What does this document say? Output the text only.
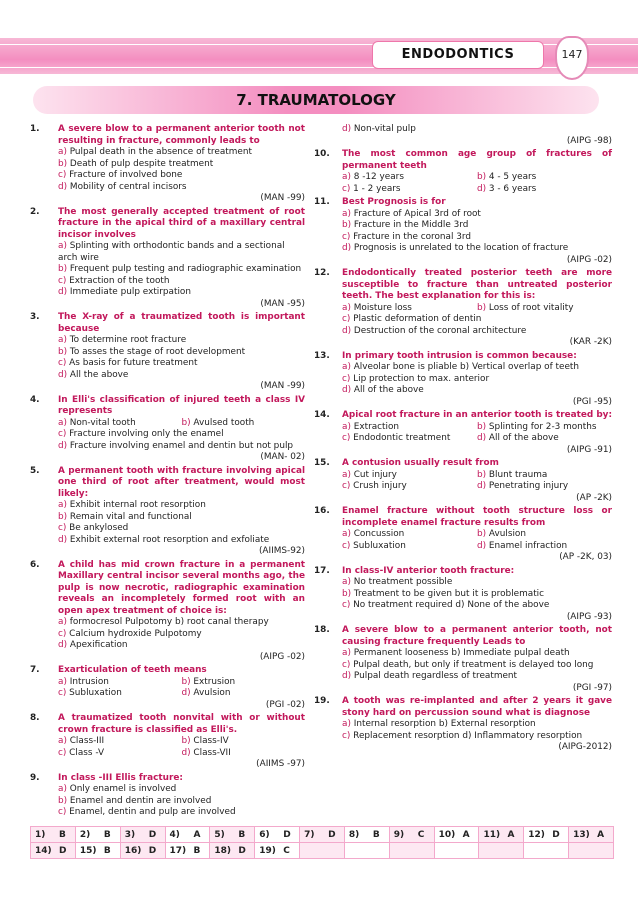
ENDODONTICS	147
7. TRAUMATOLOGY
1.	A severe blow to a permanent anterior tooth not resulting in fracture, commonly leads to
a) Pulpal death in the absence of treatment
b) Death of pulp despite treatment
c) Fracture of involved bone
d) Mobility of central incisors
(MAN -99)
2.	The most generally accepted treatment of root fracture in the apical third of a maxillary central incisor involves
a) Splinting with orthodontic bands and a sectional arch wire
b) Frequent pulp testing and radiographic examination
c) Extraction of the tooth
d) Immediate pulp extirpation
(MAN -95)
3.	The X-ray of a traumatized tooth is important because
a) To determine root fracture
b) To asses the stage of root development
c) As basis for future treatment
d) All the above
(MAN -99)
4.	In Elli's classification of injured teeth a class IV represents
a) Non-vital tooth	b) Avulsed tooth
c) Fracture involving only the enamel
d) Fracture involving enamel and dentin but not pulp
(MAN- 02)
5.	A permanent tooth with fracture involving apical one third of root after treatment, would most likely:
a) Exhibit internal root resorption
b) Remain vital and functional
c) Be ankylosed
d) Exhibit external root resorption and exfoliate
(AIIMS-92)
6.	A child has mid crown fracture in a permanent Maxillary central incisor several months ago, the pulp is now necrotic, radiographic examination reveals an incompletely formed root with an open apex treatment of choice is:
a) formocresol Pulpotomy b) root canal therapy
c) Calcium hydroxide Pulpotomy
d) Apexification
(AIPG -02)
7.	Exarticulation of teeth means
a) Intrusion	b) Extrusion
c) Subluxation	d) Avulsion
(PGI -02)
8.	A traumatized tooth nonvital with or without crown fracture is classified as Elli's.
a) Class-III	b) Class-IV
c) Class -V	d) Class-VII
(AIIMS -97)
9.	In class -III Ellis fracture:
a) Only enamel is involved
b) Enamel and dentin are involved
c) Enamel, dentin and pulp are involved
d) Non-vital pulp
(AIPG -98)
10.	The most common age group of fractures of permanent teeth
a) 8 -12 years	b) 4 - 5 years
c) 1 - 2 years	d) 3 - 6 years
11.	Best Prognosis is for
a) Fracture of Apical 3rd of root
b) Fracture in the Middle 3rd
c) Fracture in the coronal 3rd
d) Prognosis is unrelated to the location of fracture
(AIPG -02)
12.	Endodontically treated posterior teeth are more susceptible to fracture than untreated posterior teeth. The best explanation for this is:
a) Moisture loss	b) Loss of root vitality
c) Plastic deformation of dentin
d) Destruction of the coronal architecture
(KAR -2K)
13.	In primary tooth intrusion is common because:
a) Alveolar bone is pliable b) Vertical overlap of teeth
c) Lip protection to max. anterior
d) All of the above
(PGI -95)
14.	Apical root fracture in an anterior tooth is treated by:
a) Extraction	b) Splinting for 2-3 months
c) Endodontic treatment	d) All of the above
(AIPG -91)
15.	A contusion usually result from
a) Cut injury	b) Blunt trauma
c) Crush injury	d) Penetrating injury
(AP -2K)
16.	Enamel fracture without tooth structure loss or incomplete enamel fracture results from
a) Concussion	b) Avulsion
c) Subluxation	d) Enamel infraction
(AP -2K, 03)
17.	In class-IV anterior tooth fracture:
a) No treatment possible
b) Treatment to be given but it is problematic
c) No treatment required d) None of the above
(AIPG -93)
18.	A severe blow to a permanent anterior tooth, not causing fracture frequently Leads to
a) Permanent looseness b) Immediate pulpal death
c) Pulpal death, but only if treatment is delayed too long
d) Pulpal death regardless of treatment
(PGI -97)
19.	A tooth was re-implanted and after 2 years it gave stony hard on percussion sound what is diagnose
a) Internal resorption b) External resorption
c) Replacement resorption d) Inflammatory resorption
(AIPG-2012)
1)	B	2)	B	3)	D	4)	A	5)	B	6)	D	7)	D	8)	B	9)	C	10) A	11) A	12) D	13) A
14) D	15) B	16) D	17) B	18) D	19) C
